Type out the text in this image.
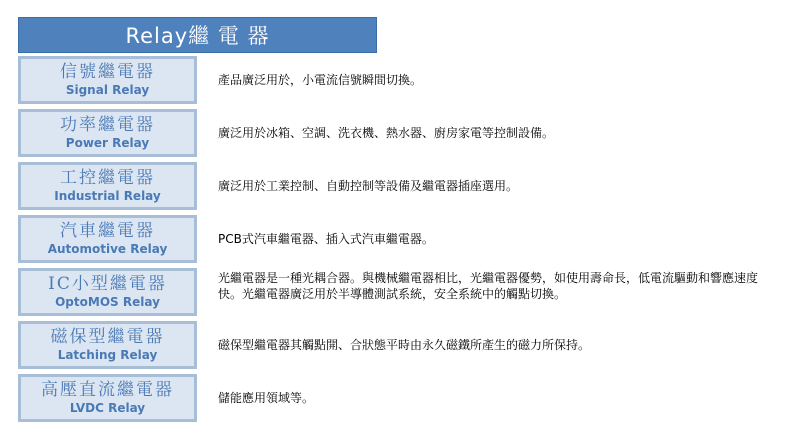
Relay繼 電 器
信號繼電器
Signal Relay
產品廣泛用於，小電流信號瞬間切換。
功率繼電器
Power Relay
廣泛用於冰箱、空調、洗衣機、熱水器、廚房家電等控制設備。
工控繼電器
Industrial Relay
廣泛用於工業控制、自動控制等設備及繼電器插座選用。
汽車繼電器
Automotive Relay
PCB式汽車繼電器、插入式汽車繼電器。
IC小型繼電器
OptoMOS Relay
光繼電器是一種光耦合器。與機械繼電器相比，光繼電器優勢，如使用壽命長，低電流驅動和響應速度快。光繼電器廣泛用於半導體測試系統，安全系統中的觸點切換。
磁保型繼電器
Latching Relay
磁保型繼電器其觸點開、合狀態平時由永久磁鐵所產生的磁力所保持。
高壓直流繼電器
LVDC Relay
儲能應用領域等。
